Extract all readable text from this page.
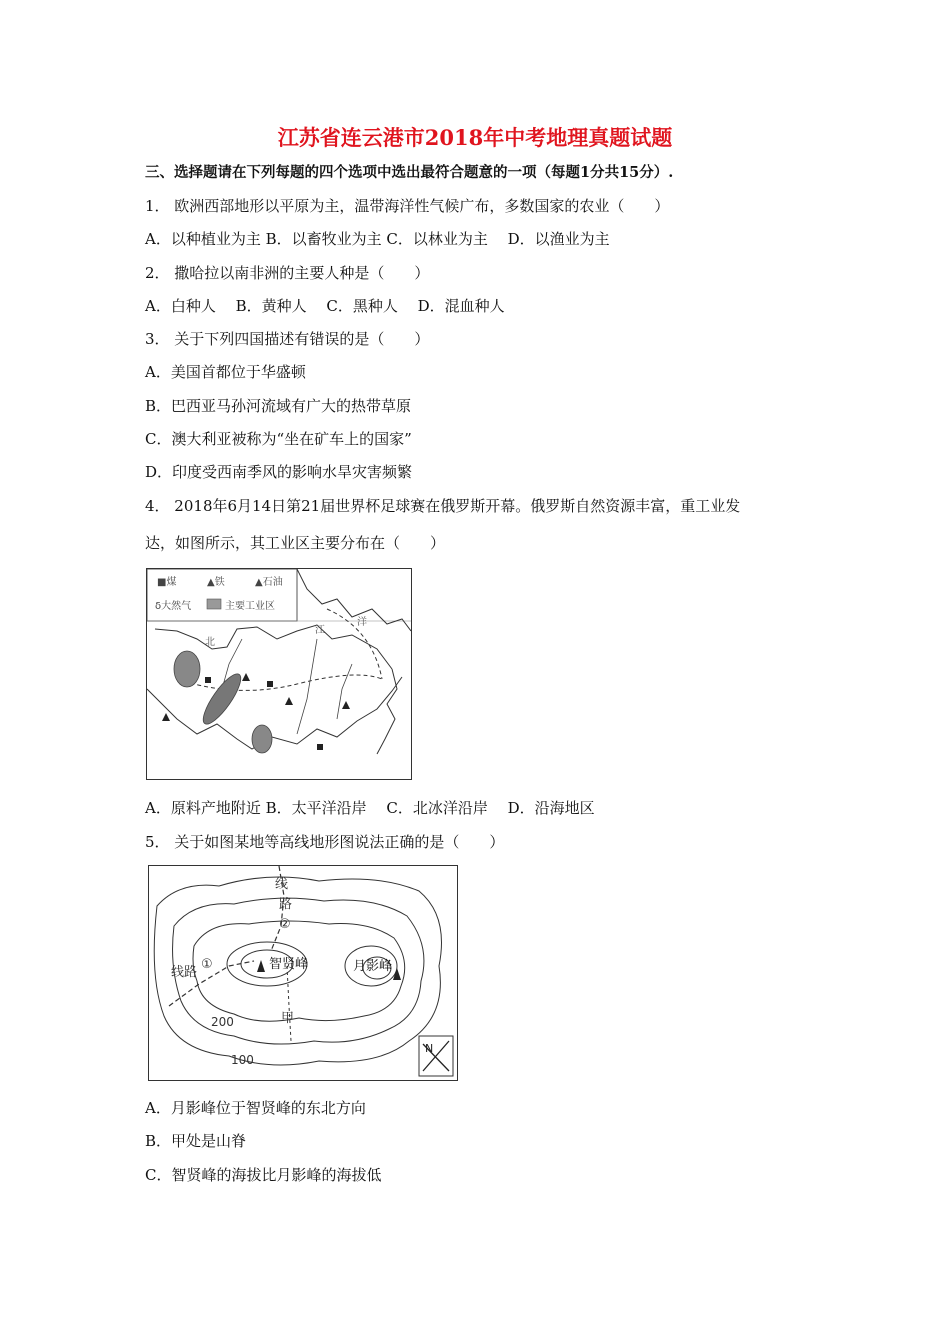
江苏省连云港市2018年中考地理真题试题
三、选择题请在下列每题的四个选项中选出最符合题意的一项（每题1分共15分）.
1． 欧洲西部地形以平原为主，温带海洋性气候广布，多数国家的农业（　　）
A．以种植业为主 B．以畜牧业为主 C．以林业为主　 D．以渔业为主
2． 撒哈拉以南非洲的主要人种是（　　）
A．白种人　 B．黄种人　 C．黑种人　 D．混血种人
3． 关于下列四国描述有错误的是（　　）
A．美国首都位于华盛顿
B．巴西亚马孙河流域有广大的热带草原
C．澳大利亚被称为“坐在矿车上的国家”
D．印度受西南季风的影响水旱灾害频繁
4． 2018年6月14日第21届世界杯足球赛在俄罗斯开幕。俄罗斯自然资源丰富，重工业发
达，如图所示，其工业区主要分布在（　　）
■煤	▲铁	▲石油
δ大然气	主要工业区
北
江
洋
A．原料产地附近 B．太平洋沿岸　 C．北冰洋沿岸　 D．沿海地区
5． 关于如图某地等高线地形图说法正确的是（　　）
线
路
②
线路
①	智贤峰	月影峰
200
100
甲
N
A．月影峰位于智贤峰的东北方向
B．甲处是山脊
C．智贤峰的海拔比月影峰的海拔低
